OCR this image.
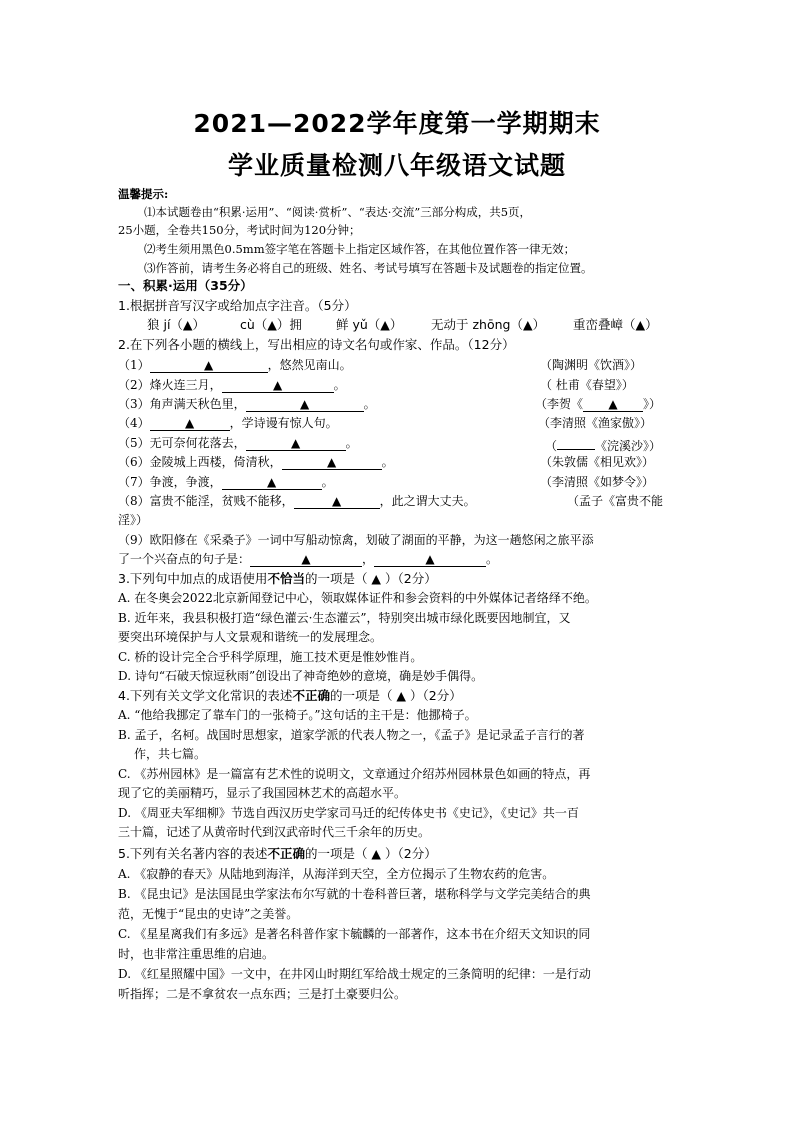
2021—2022学年度第一学期期末
学业质量检测八年级语文试题
温馨提示:
⑴本试题卷由“积累·运用”、“阅读·赏析”、“表达·交流”三部分构成，共5页，
25小题，全卷共150分，考试时间为120分钟；
⑵考生须用黑色0.5mm签字笔在答题卡上指定区域作答，在其他位置作答一律无效；
⑶作答前，请考生务必将自己的班级、姓名、考试号填写在答题卡及试题卷的指定位置。
一、积累·运用（35分）
1.根据拼音写汉字或给加点字注音。（5分）
狼 jí（▲）	cù（▲）拥	鲜 yǔ（▲） 无动于 zhōng（▲） 重峦叠嶂（▲）
2.在下列各小题的横线上，写出相应的诗文名句或作家、作品。（12分）
（1）	▲	，悠然见南山。	（陶渊明《饮酒》）
（2）烽火连三月，	▲	。	（ 杜甫《春望》）
（3）角声满天秋色里，	▲	。	（李贺《 ▲ 》）
（4）	▲	，学诗谩有惊人句。	（李清照《渔家傲》）
（5）无可奈何花落去，	▲	。	（	《浣溪沙》）
（6）金陵城上西楼，倚清秋，	▲	。	（朱敦儒《相见欢》）
（7）争渡，争渡，	▲	。	（李清照《如梦令》）
（8）富贵不能淫，贫贱不能移，	▲	，此之谓大丈夫。	（孟子《富贵不能
淫》）
（9）欧阳修在《采桑子》一词中写船动惊禽，划破了湖面的平静，为这一趟悠闲之旅平添
了一个兴奋点的句子是：	▲	，	▲	。
3.下列句中加点的成语使用不恰当的一项是（ ▲ ）（2分）
A. 在冬奥会2022北京新闻登记中心，领取媒体证件和参会资料的中外媒体记者络绎不绝。
B. 近年来，我县积极打造“绿色灌云·生态灌云”，特别突出城市绿化既要因地制宜，又
要突出环境保护与人文景观和谐统一的发展理念。
C. 桥的设计完全合乎科学原理，施工技术更是惟妙惟肖。
D. 诗句“石破天惊逗秋雨”创设出了神奇绝妙的意境，确是妙手偶得。
4.下列有关文学文化常识的表述不正确的一项是（ ▲ ）（2分）
A. “他给我挪定了靠车门的一张椅子。”这句话的主干是：他挪椅子。
B. 孟子，名柯。战国时思想家，道家学派的代表人物之一，《孟子》是记录孟子言行的著
作，共七篇。
C. 《苏州园林》是一篇富有艺术性的说明文，文章通过介绍苏州园林景色如画的特点，再
现了它的美丽精巧，显示了我国园林艺术的高超水平。
D. 《周亚夫军细柳》节选自西汉历史学家司马迁的纪传体史书《史记》，《史记》共一百
三十篇，记述了从黄帝时代到汉武帝时代三千余年的历史。
5.下列有关名著内容的表述不正确的一项是（ ▲ ）（2分）
A. 《寂静的春天》从陆地到海洋，从海洋到天空，全方位揭示了生物农药的危害。
B. 《昆虫记》是法国昆虫学家法布尔写就的十卷科普巨著，堪称科学与文学完美结合的典
范，无愧于“昆虫的史诗”之美誉。
C. 《星星离我们有多远》是著名科普作家卞毓麟的一部著作，这本书在介绍天文知识的同
时，也非常注重思维的启迪。
D. 《红星照耀中国》一文中，在井冈山时期红军给战士规定的三条简明的纪律：一是行动
听指挥；二是不拿贫农一点东西；三是打土豪要归公。
